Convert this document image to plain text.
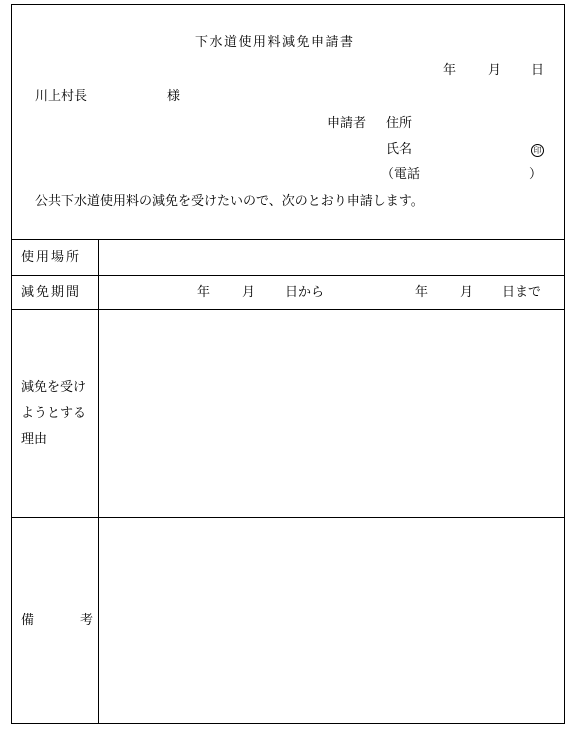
下水道使用料減免申請書
年 月 日
川上村長	様
申請者 住所
氏名	印
（電話	）
公共下水道使用料の減免を受けたいので、次のとおり申請します。
使用場所
減免期間	年 月 日から	年 月 日まで
減免を受け
ようとする
理由
備	考
